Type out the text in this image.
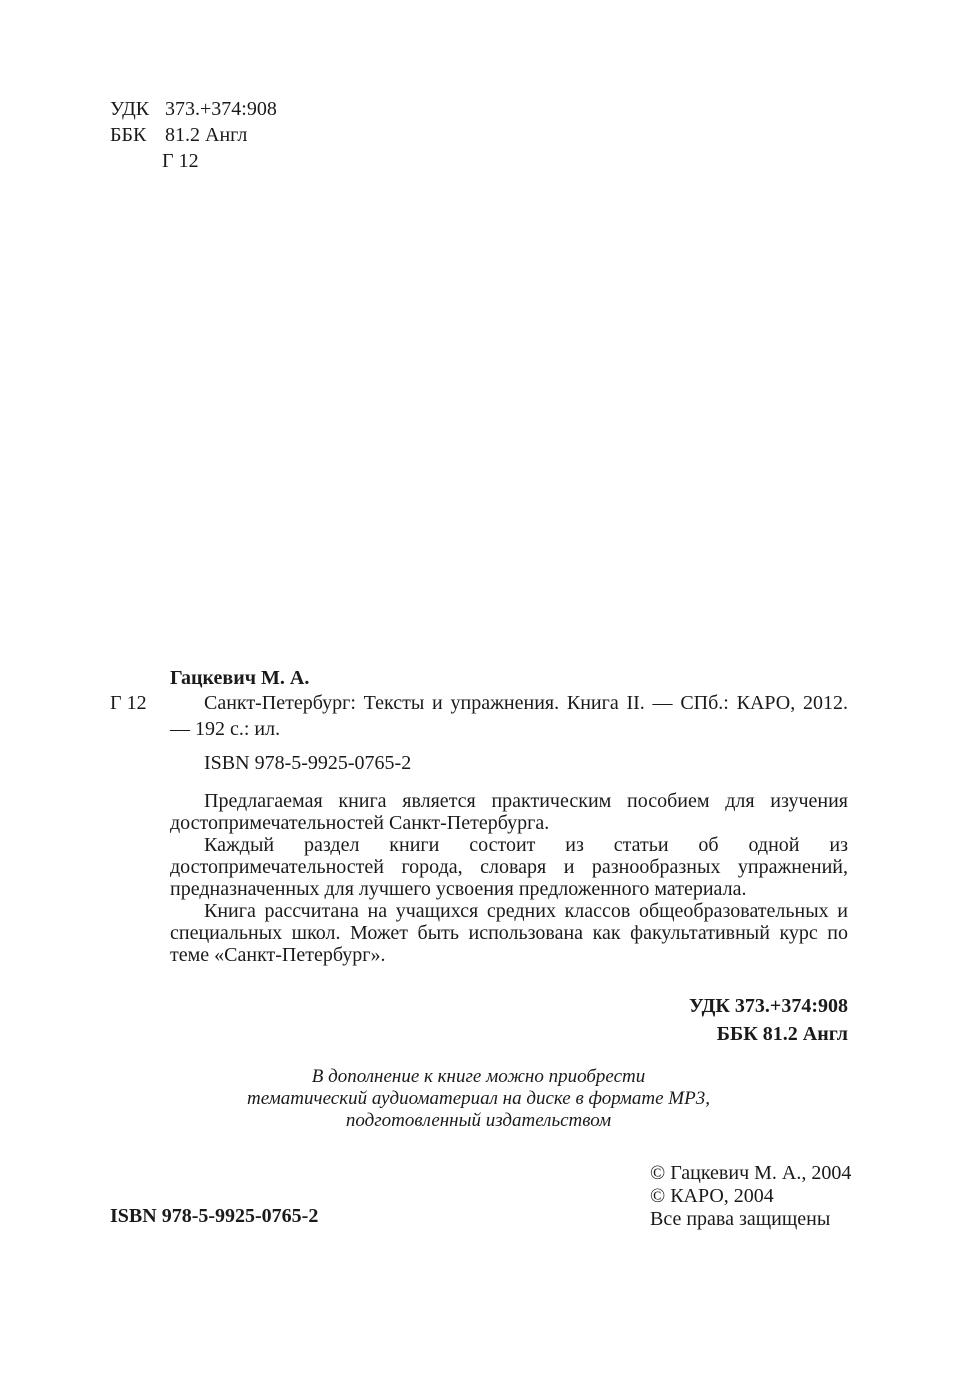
УДК 373.+374:908
ББК 81.2 Англ
Г 12
Гацкевич М. А.
Г 12	Санкт-Петербург: Тексты и упражнения. Книга II. — СПб.: КАРО, 2012. — 192 с.: ил.
ISBN 978-5-9925-0765-2

Предлагаемая книга является практическим пособием для изучения достопримечательностей Санкт-Петербурга.

Каждый раздел книги состоит из статьи об одной из достопримечательностей города, словаря и разнообразных упражнений, предназначенных для лучшего усвоения предложенного материала.

Книга рассчитана на учащихся средних классов общеобразовательных и специальных школ. Может быть использована как факультативный курс по теме «Санкт-Петербург».

УДК 373.+374:908
ББК 81.2 Англ
В дополнение к книге можно приобрести
тематический аудиоматериал на диске в формате MP3,
подготовленный издательством
© Гацкевич М. А., 2004
© КАРО, 2004
Все права защищены
ISBN 978-5-9925-0765-2
